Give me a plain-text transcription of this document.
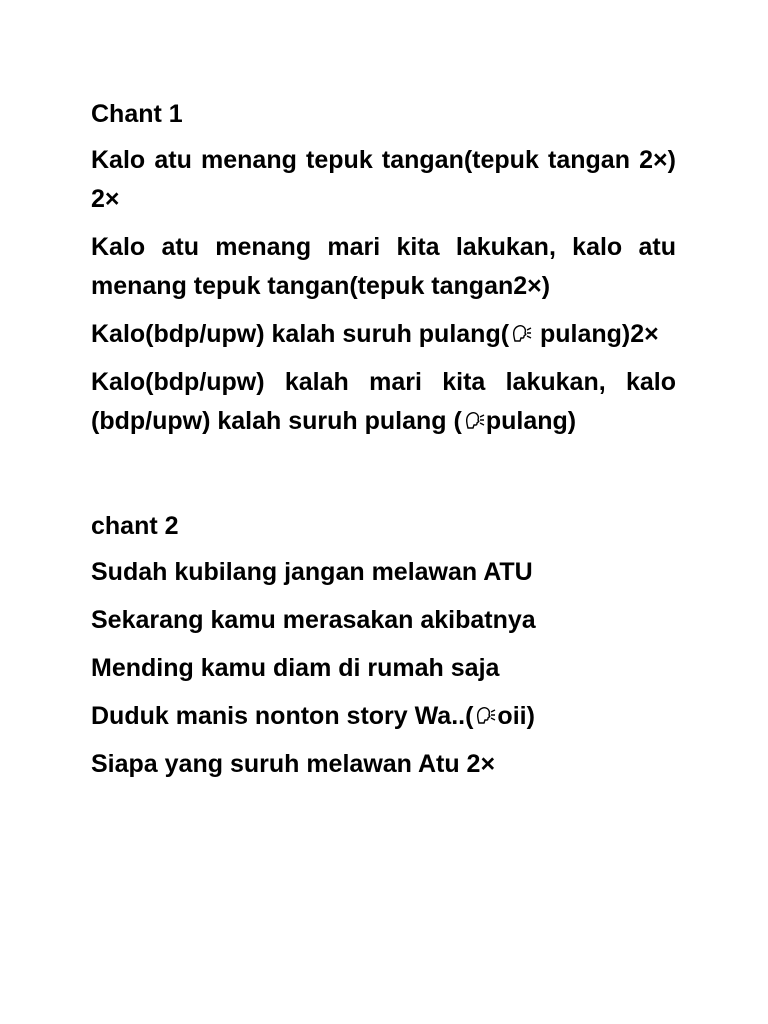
Chant 1

Kalo atu menang tepuk tangan(tepuk tangan 2×) 2×

Kalo atu menang mari kita lakukan, kalo atu menang tepuk tangan(tepuk tangan2×)

Kalo(bdp/upw) kalah suruh pulang( pulang)2×

Kalo(bdp/upw) kalah mari kita lakukan, kalo (bdp/upw) kalah suruh pulang ( pulang)

chant 2

Sudah kubilang jangan melawan ATU

Sekarang kamu merasakan akibatnya

Mending kamu diam di rumah saja

Duduk manis nonton story Wa..( oii)

Siapa yang suruh melawan Atu 2×
